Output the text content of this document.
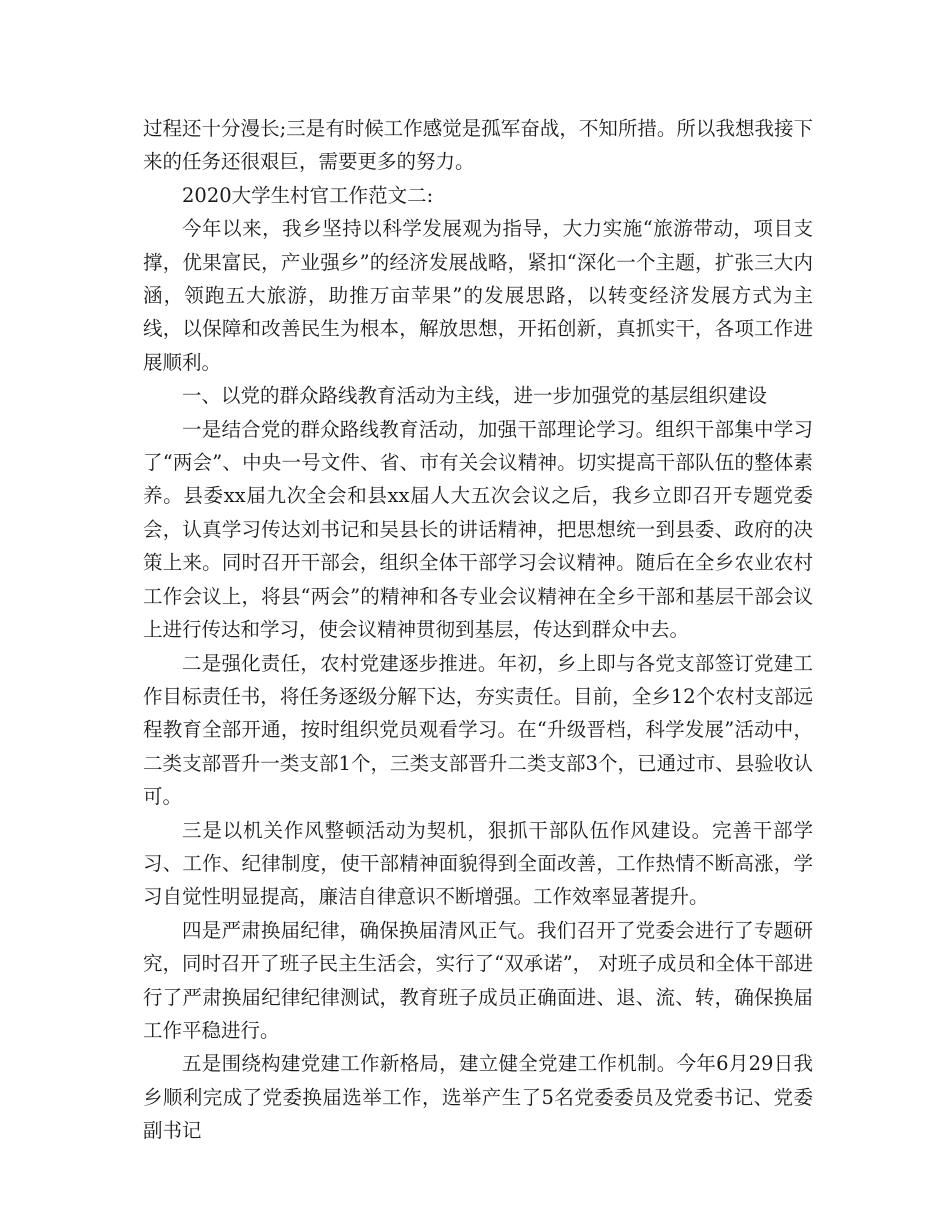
过程还十分漫长;三是有时候工作感觉是孤军奋战，不知所措。所以我想我接下来的任务还很艰巨，需要更多的努力。

2020大学生村官工作范文二:

今年以来，我乡坚持以科学发展观为指导，大力实施“旅游带动，项目支撑，优果富民，产业强乡”的经济发展战略，紧扣“深化一个主题，扩张三大内涵，领跑五大旅游，助推万亩苹果”的发展思路，以转变经济发展方式为主线，以保障和改善民生为根本，解放思想，开拓创新，真抓实干，各项工作进展顺利。

一、以党的群众路线教育活动为主线，进一步加强党的基层组织建设

一是结合党的群众路线教育活动，加强干部理论学习。组织干部集中学习了“两会”、中央一号文件、省、市有关会议精神。切实提高干部队伍的整体素养。县委xx届九次全会和县xx届人大五次会议之后，我乡立即召开专题党委会，认真学习传达刘书记和吴县长的讲话精神，把思想统一到县委、政府的决策上来。同时召开干部会，组织全体干部学习会议精神。随后在全乡农业农村工作会议上，将县“两会”的精神和各专业会议精神在全乡干部和基层干部会议上进行传达和学习，使会议精神贯彻到基层，传达到群众中去。

二是强化责任，农村党建逐步推进。年初，乡上即与各党支部签订党建工作目标责任书，将任务逐级分解下达，夯实责任。目前，全乡12个农村支部远程教育全部开通，按时组织党员观看学习。在“升级晋档，科学发展”活动中，二类支部晋升一类支部1个，三类支部晋升二类支部3个，已通过市、县验收认可。

三是以机关作风整顿活动为契机，狠抓干部队伍作风建设。完善干部学习、工作、纪律制度，使干部精神面貌得到全面改善，工作热情不断高涨，学习自觉性明显提高，廉洁自律意识不断增强。工作效率显著提升。

四是严肃换届纪律，确保换届清风正气。我们召开了党委会进行了专题研究，同时召开了班子民主生活会，实行了“双承诺”， 对班子成员和全体干部进行了严肃换届纪律纪律测试，教育班子成员正确面进、退、流、转，确保换届工作平稳进行。

五是围绕构建党建工作新格局，建立健全党建工作机制。今年6月29日我乡顺利完成了党委换届选举工作，选举产生了5名党委委员及党委书记、党委副书记
